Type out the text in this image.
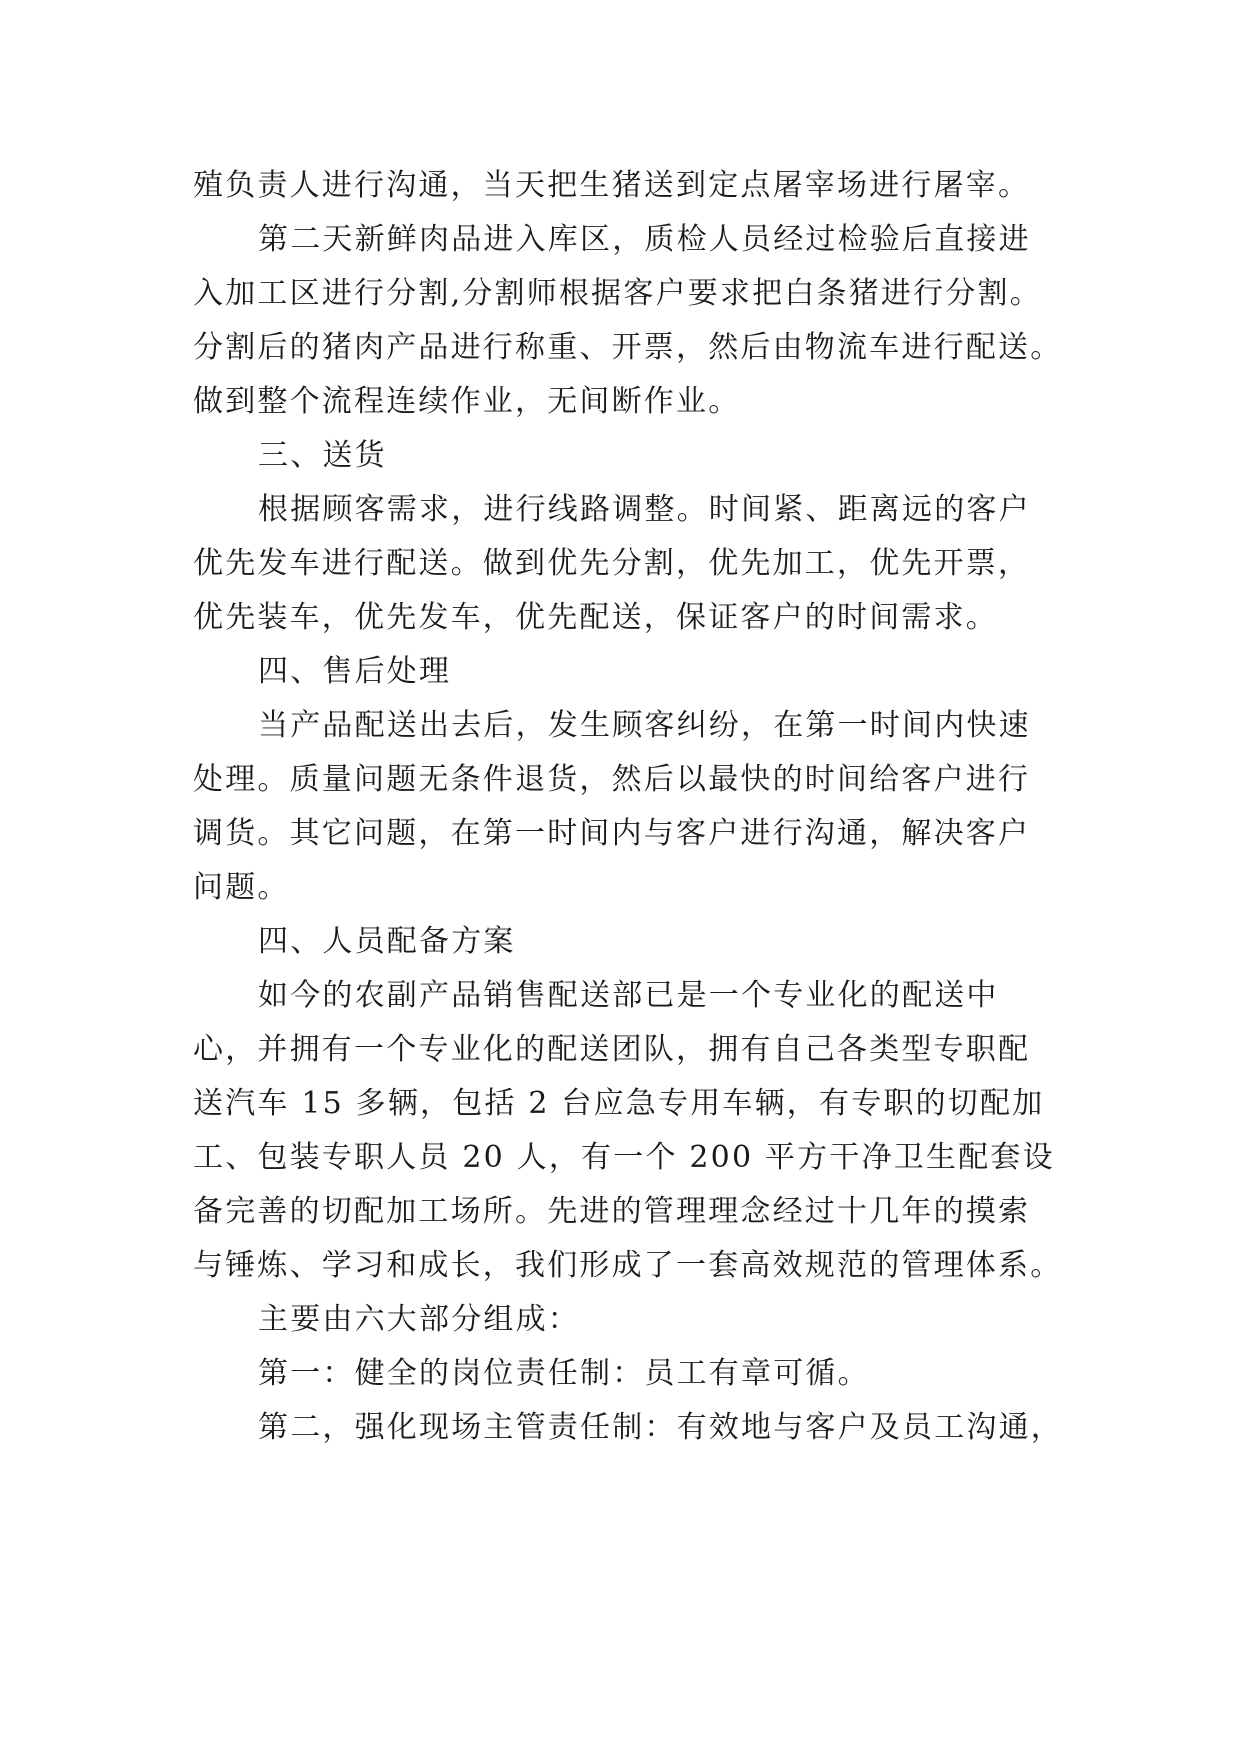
殖负责人进行沟通，当天把生猪送到定点屠宰场进行屠宰。
第二天新鲜肉品进入库区，质检人员经过检验后直接进
入加工区进行分割,分割师根据客户要求把白条猪进行分割。
分割后的猪肉产品进行称重、开票，然后由物流车进行配送。
做到整个流程连续作业，无间断作业。
三、送货
根据顾客需求，进行线路调整。时间紧、距离远的客户
优先发车进行配送。做到优先分割，优先加工，优先开票，
优先装车，优先发车，优先配送，保证客户的时间需求。
四、售后处理
当产品配送出去后，发生顾客纠纷，在第一时间内快速
处理。质量问题无条件退货，然后以最快的时间给客户进行
调货。其它问题，在第一时间内与客户进行沟通，解决客户
问题。
四、人员配备方案
如今的农副产品销售配送部已是一个专业化的配送中
心，并拥有一个专业化的配送团队，拥有自己各类型专职配
送汽车 15 多辆，包括 2 台应急专用车辆，有专职的切配加
工、包装专职人员 20 人，有一个 200 平方干净卫生配套设
备完善的切配加工场所。先进的管理理念经过十几年的摸索
与锤炼、学习和成长，我们形成了一套高效规范的管理体系。
主要由六大部分组成：
第一：健全的岗位责任制：员工有章可循。
第二，强化现场主管责任制：有效地与客户及员工沟通，
